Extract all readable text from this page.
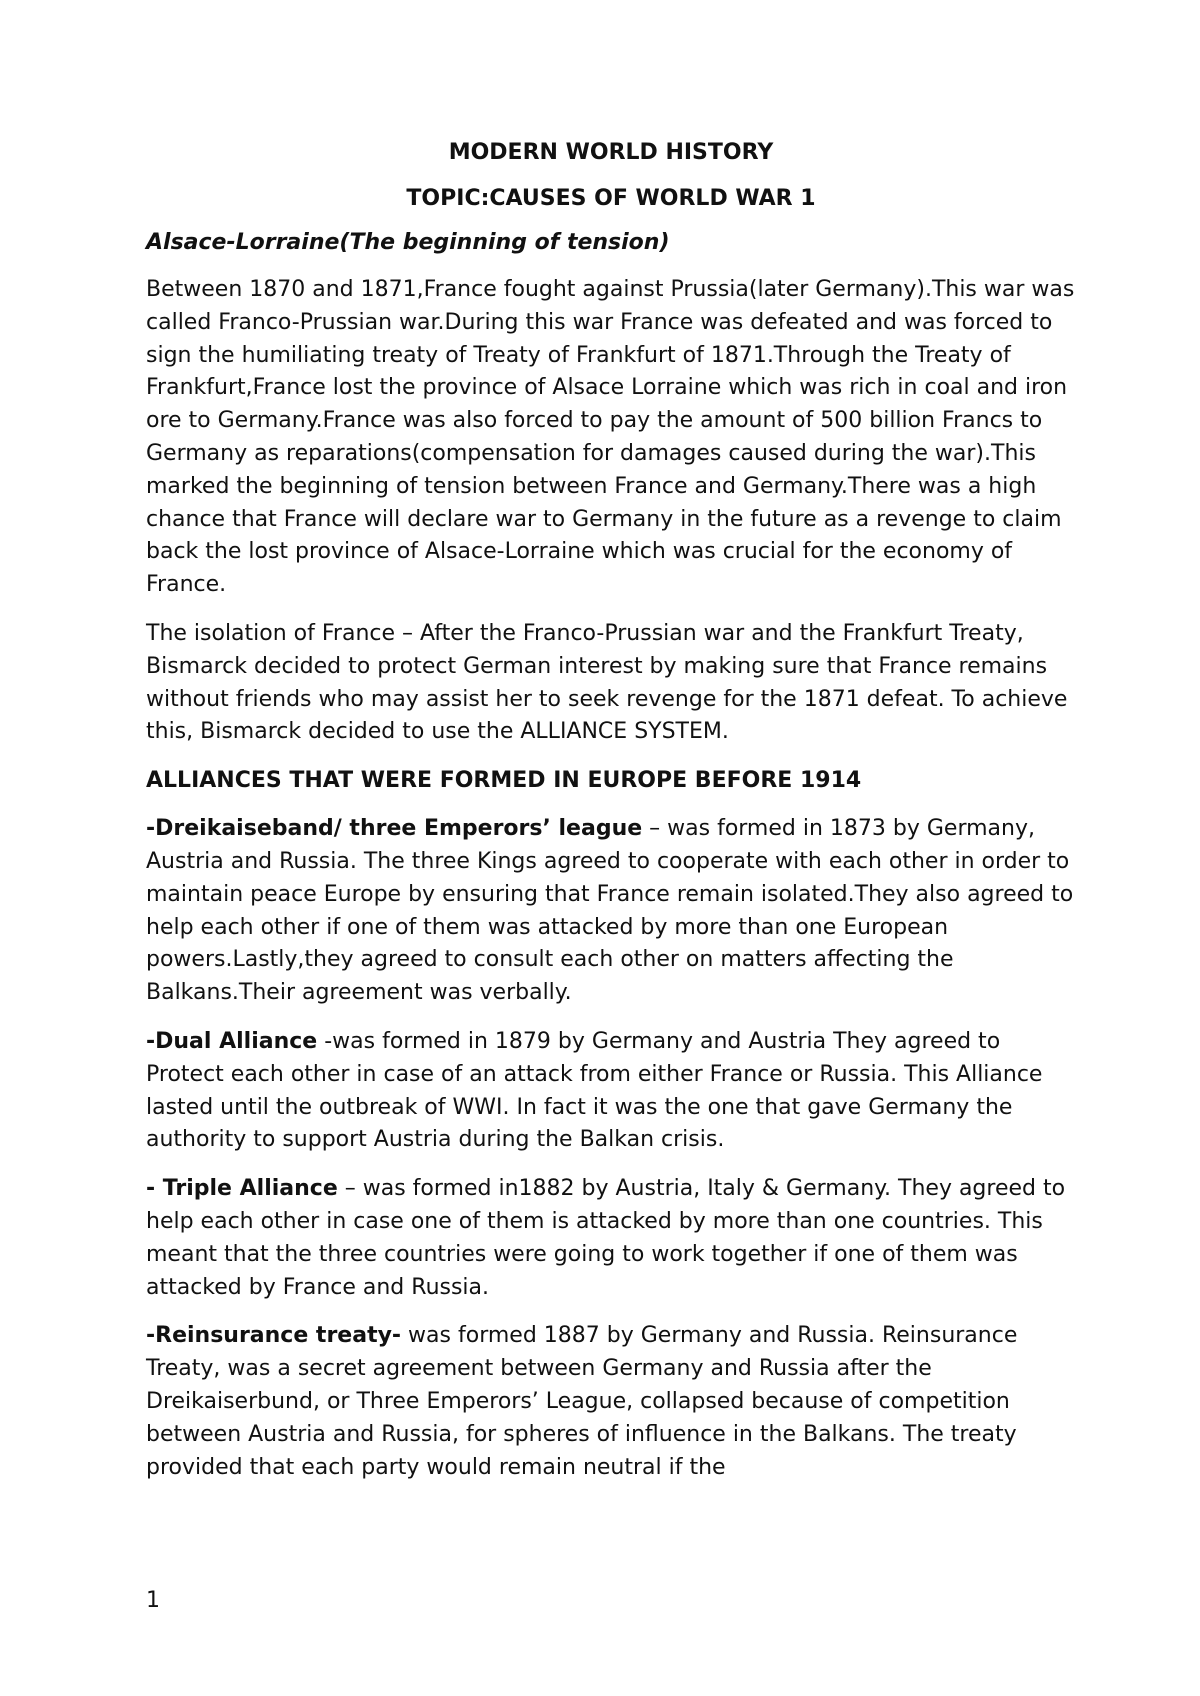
MODERN WORLD HISTORY
TOPIC:CAUSES OF WORLD WAR 1
Alsace-Lorraine(The beginning of tension)

Between 1870 and 1871,France fought against Prussia(later Germany).This war was called Franco-Prussian war.During this war France was defeated and was forced to sign the humiliating treaty of Treaty of Frankfurt of 1871.Through the Treaty of Frankfurt,France lost the province of Alsace Lorraine which was rich in coal and iron ore to Germany.France was also forced to pay the amount of 500 billion Francs to Germany as reparations(compensation for damages caused during the war).This marked the beginning of tension between France and Germany.There was a high chance that France will declare war to Germany in the future as a revenge to claim back the lost province of Alsace-Lorraine which was crucial for the economy of France.

The isolation of France – After the Franco-Prussian war and the Frankfurt Treaty, Bismarck decided to protect German interest by making sure that France remains without friends who may assist her to seek revenge for the 1871 defeat. To achieve this, Bismarck decided to use the ALLIANCE SYSTEM.

ALLIANCES THAT WERE FORMED IN EUROPE BEFORE 1914

-Dreikaiseband/ three Emperors’ league – was formed in 1873 by Germany, Austria and Russia. The three Kings agreed to cooperate with each other in order to maintain peace Europe by ensuring that France remain isolated.They also agreed to help each other if one of them was attacked by more than one European powers.Lastly,they agreed to consult each other on matters affecting the Balkans.Their agreement was verbally.

-Dual Alliance -was formed in 1879 by Germany and Austria They agreed to Protect each other in case of an attack from either France or Russia. This Alliance lasted until the outbreak of WWI. In fact it was the one that gave Germany the authority to support Austria during the Balkan crisis.

- Triple Alliance – was formed in1882 by Austria, Italy & Germany. They agreed to help each other in case one of them is attacked by more than one countries. This meant that the three countries were going to work together if one of them was attacked by France and Russia.

-Reinsurance treaty- was formed 1887 by Germany and Russia. Reinsurance Treaty, was a secret agreement between Germany and Russia after the Dreikaiserbund, or Three Emperors’ League, collapsed because of competition between Austria and Russia, for spheres of influence in the Balkans. The treaty provided that each party would remain neutral if the

1
